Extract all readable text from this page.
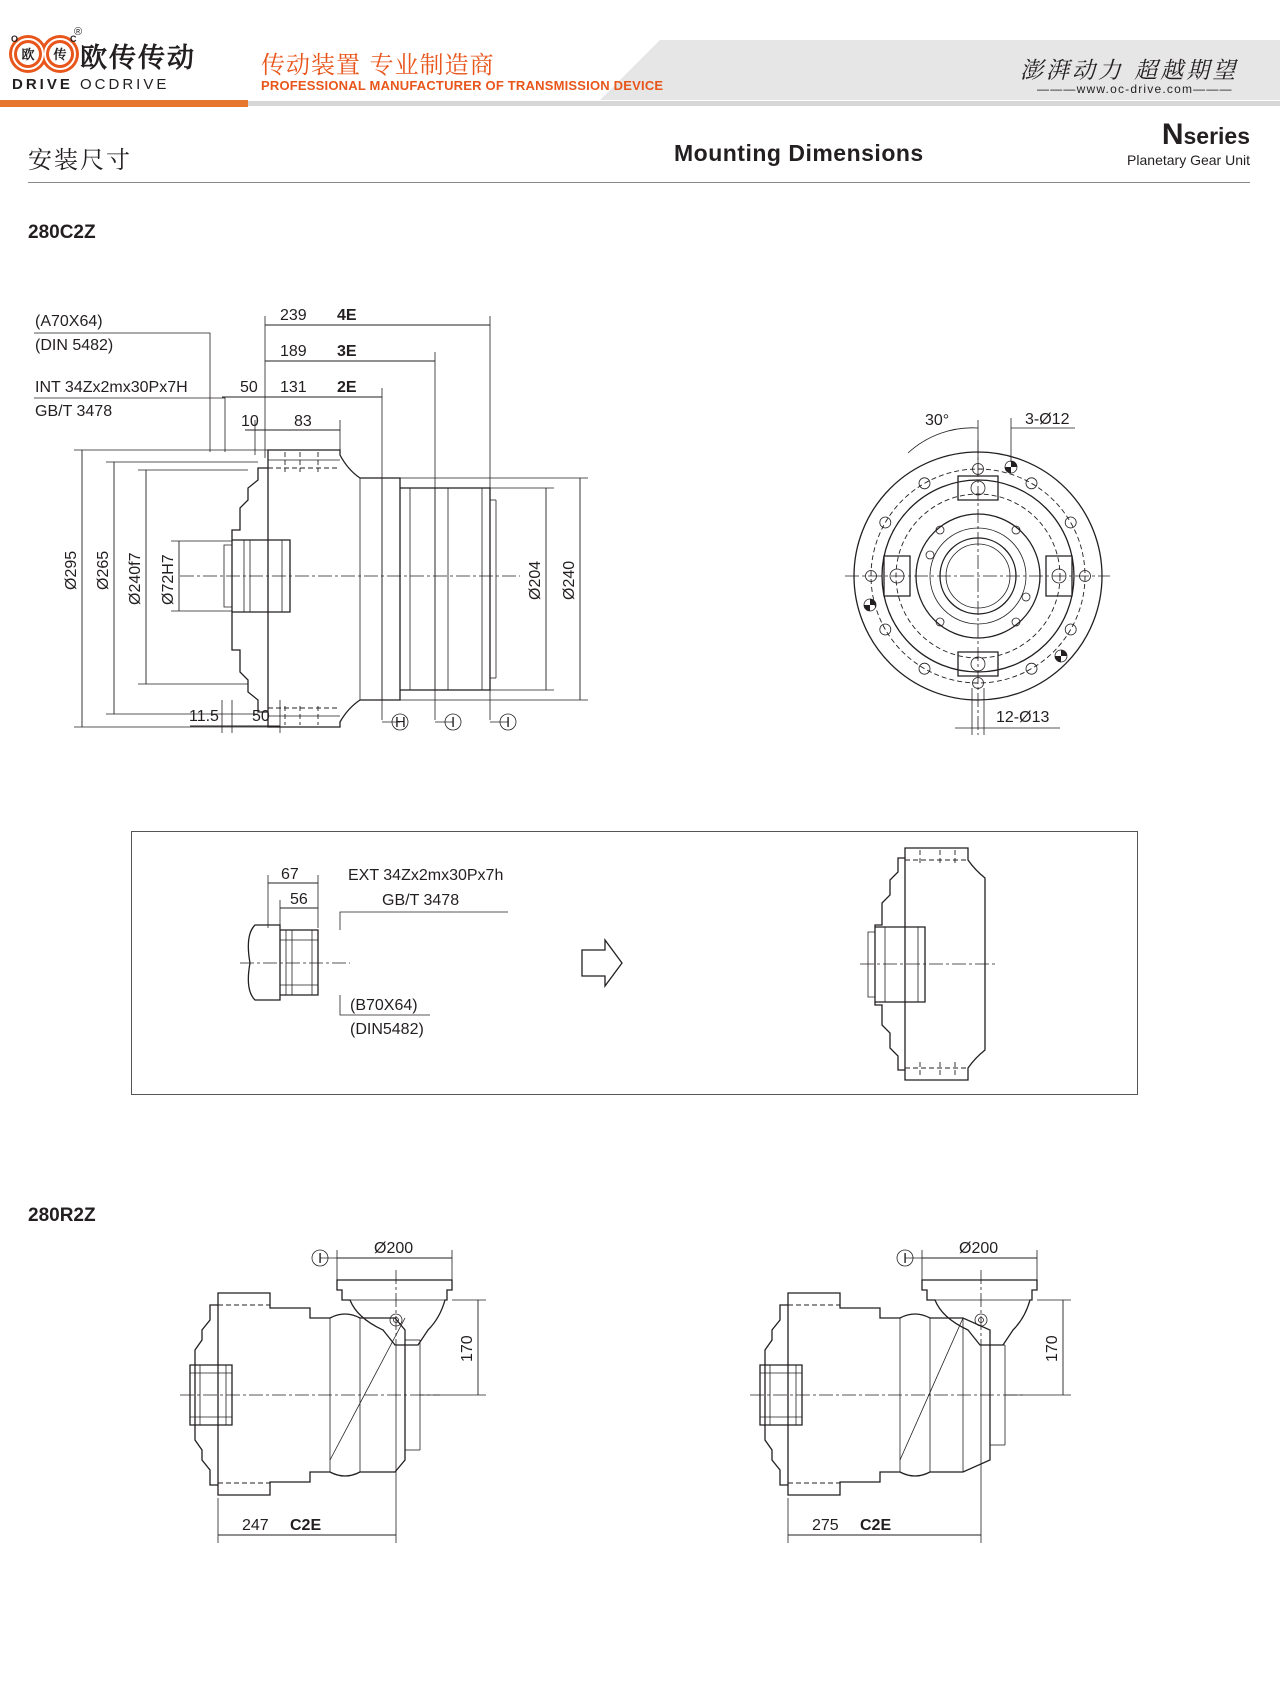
欧 传
O	C
®
欧传传动
DRIVE OCDRIVE
传动装置 专业制造商
PROFESSIONAL MANUFACTURER OF TRANSMISSION DEVICE
澎湃动力 超越期望
———www.oc-drive.com———
安装尺寸	Mounting Dimensions
Nseries
Planetary Gear Unit
280C2Z
280R2Z
(A70X64)
(DIN 5482)
INT 34Zx2mx30Px7H
GB/T 3478
239 4E
189 3E
131 2E
50
10 83
Ø295 Ø265 Ø240f7 Ø72H7	Ø204 Ø240
11.5 50	H	I	I
30°	3-Ø12
12-Ø13
67
56
EXT 34Zx2mx30Px7h
GB/T 3478
(B70X64)
(DIN5482)
Ø200
I
170
247 C2E
Ø200
I
170
275 C2E
